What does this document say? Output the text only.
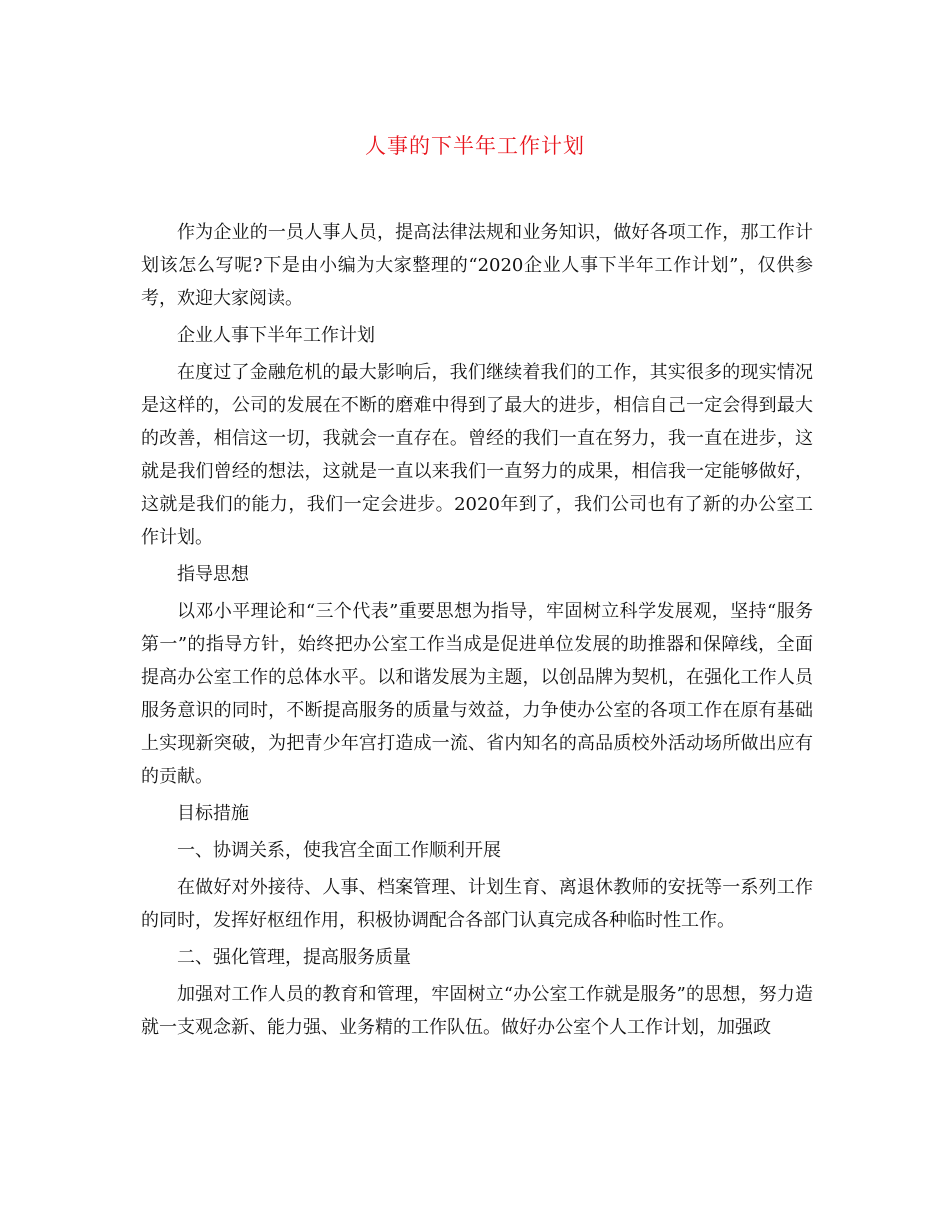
人事的下半年工作计划

作为企业的一员人事人员，提高法律法规和业务知识，做好各项工作，那工作计划该怎么写呢?下是由小编为大家整理的“2020企业人事下半年工作计划”，仅供参考，欢迎大家阅读。

企业人事下半年工作计划

在度过了金融危机的最大影响后，我们继续着我们的工作，其实很多的现实情况是这样的，公司的发展在不断的磨难中得到了最大的进步，相信自己一定会得到最大的改善，相信这一切，我就会一直存在。曾经的我们一直在努力，我一直在进步，这就是我们曾经的想法，这就是一直以来我们一直努力的成果，相信我一定能够做好，这就是我们的能力，我们一定会进步。2020年到了，我们公司也有了新的办公室工作计划。

指导思想

以邓小平理论和“三个代表”重要思想为指导，牢固树立科学发展观，坚持“服务第一”的指导方针，始终把办公室工作当成是促进单位发展的助推器和保障线，全面提高办公室工作的总体水平。以和谐发展为主题，以创品牌为契机，在强化工作人员服务意识的同时，不断提高服务的质量与效益，力争使办公室的各项工作在原有基础上实现新突破，为把青少年宫打造成一流、省内知名的高品质校外活动场所做出应有的贡献。

目标措施

一、协调关系，使我宫全面工作顺利开展

在做好对外接待、人事、档案管理、计划生育、离退休教师的安抚等一系列工作的同时，发挥好枢纽作用，积极协调配合各部门认真完成各种临时性工作。

二、强化管理，提高服务质量

加强对工作人员的教育和管理，牢固树立“办公室工作就是服务”的思想，努力造就一支观念新、能力强、业务精的工作队伍。做好办公室个人工作计划，加强政
